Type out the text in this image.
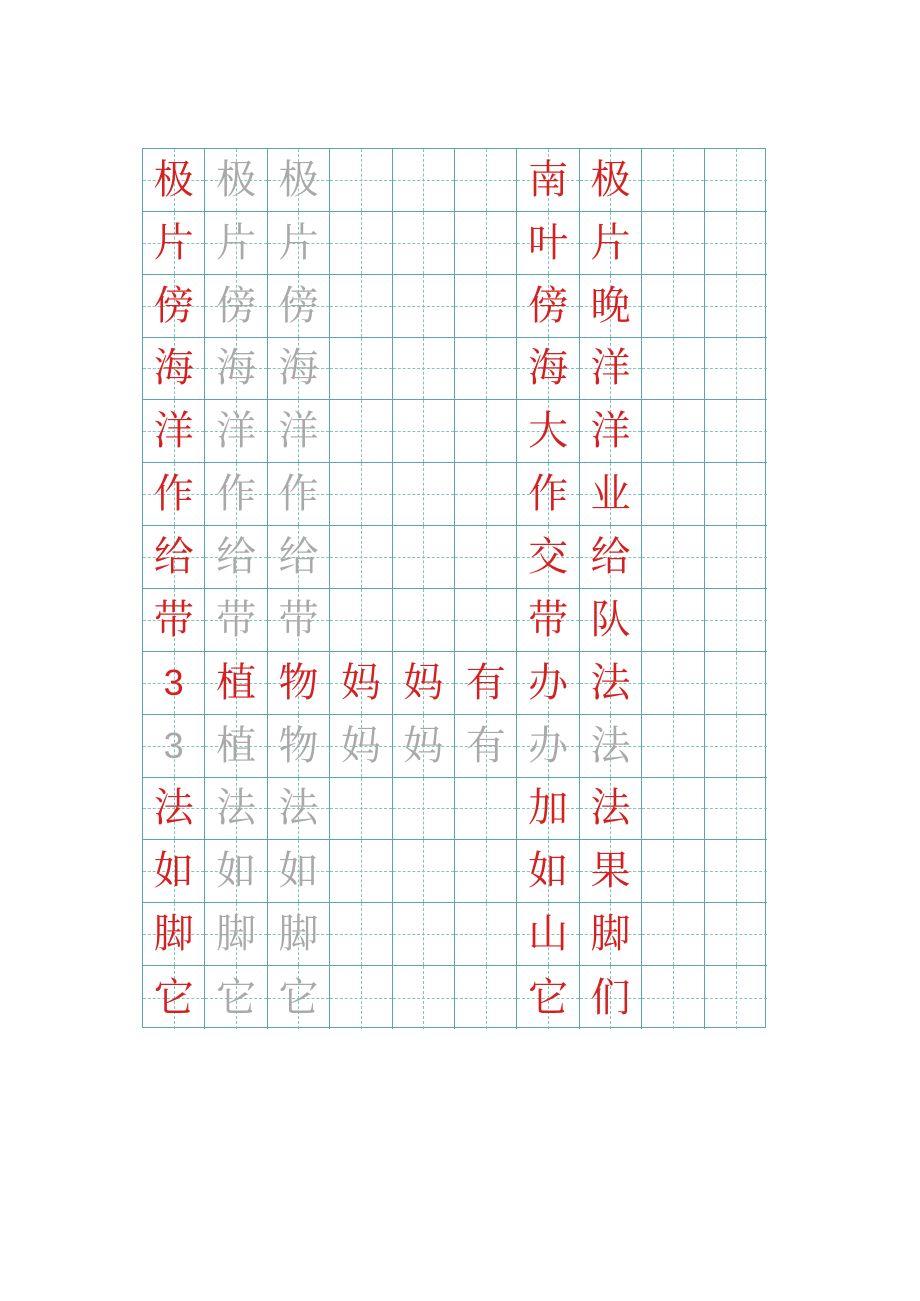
极 极 极	南 极
片 片 片	叶 片
傍 傍 傍	傍 晚
海 海 海	海 洋
洋 洋 洋	大 洋
作 作 作	作 业
给 给 给	交 给
带 带 带	带 队
3 植 物 妈 妈 有 办 法
3 植 物 妈 妈 有 办 法
法 法 法	加 法
如 如 如	如 果
脚 脚 脚	山 脚
它 它 它	它 们
